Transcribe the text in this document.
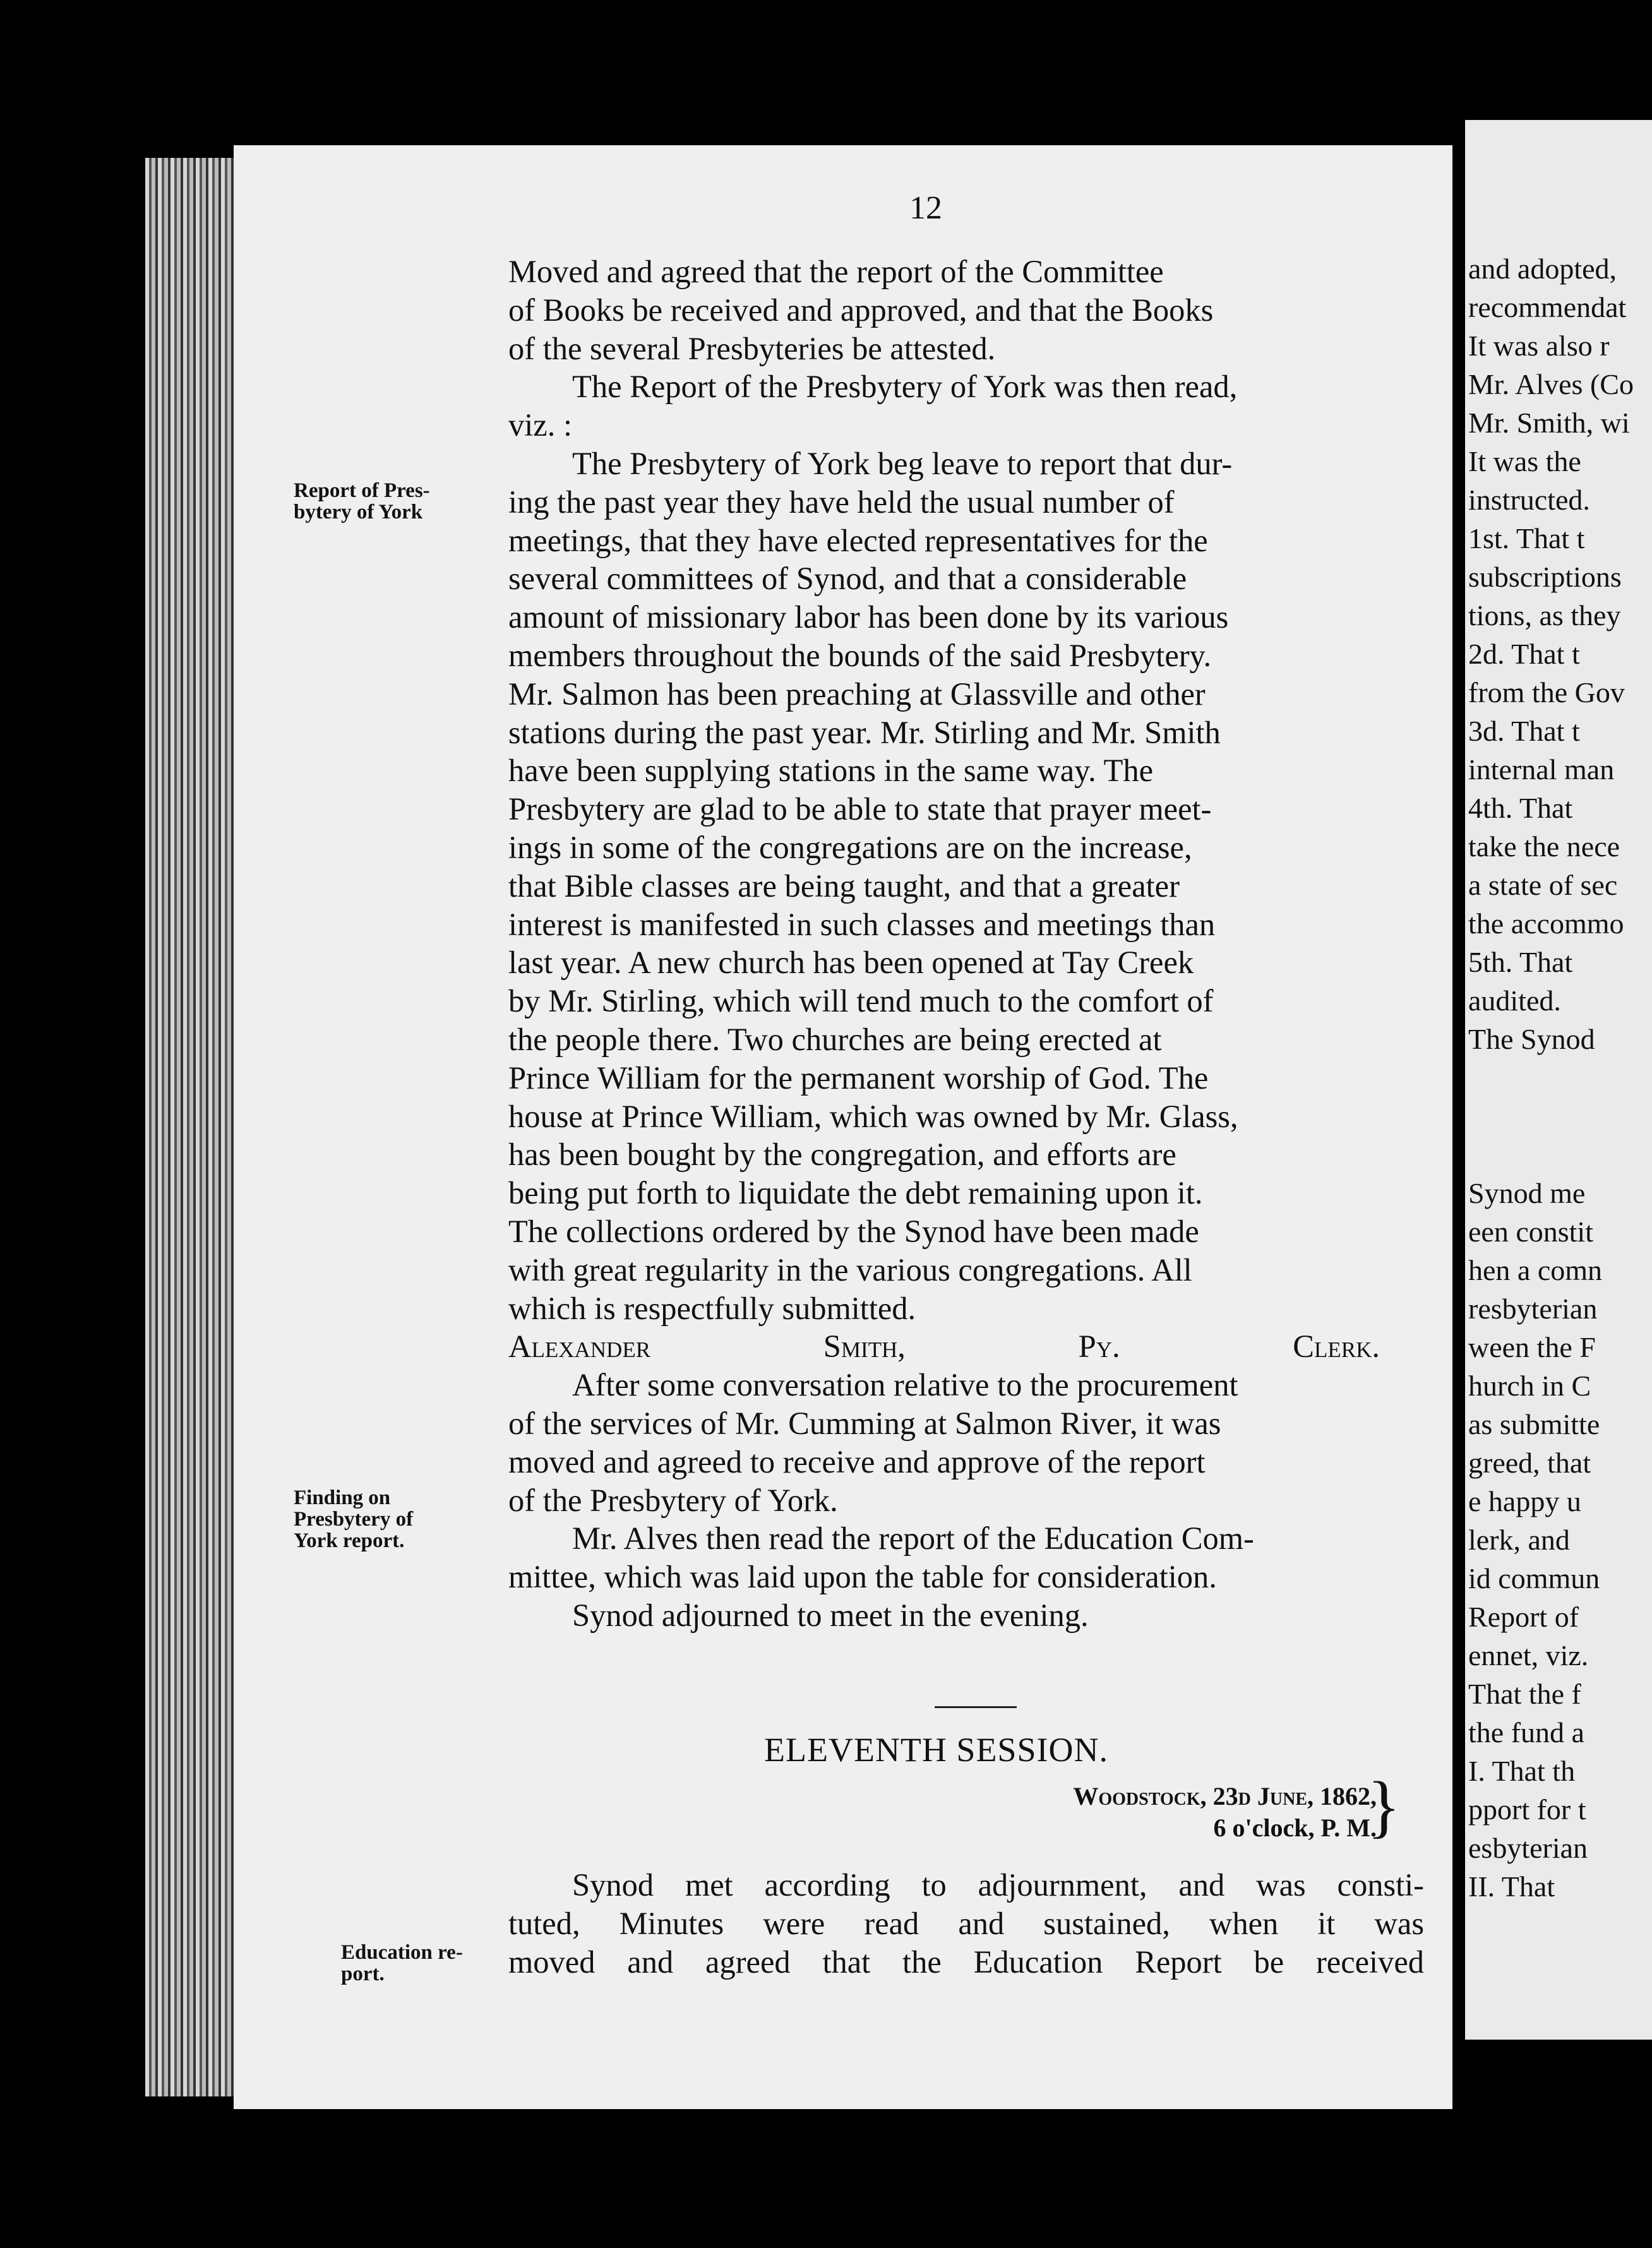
and adopted,
recommendat
It was also r
Mr. Alves (Co
Mr. Smith, wi
It was the
instructed.
1st. That t
subscriptions
tions, as they
2d. That t
from the Gov
3d. That t
internal man
4th. That
take the nece
a state of sec
the accommo
5th. That
audited.
The Synod
Synod me
een constit
hen a comn
resbyterian
ween the F
hurch in C
as submitte
greed, that
e happy u
lerk, and
id commun
Report of
ennet, viz.
That the f
the fund a
I. That th
pport for t
esbyterian
II. That
12

Moved and agreed that the report of the Committee
of Books be received and approved, and that the Books
of the several Presbyteries be attested.

The Report of the Presbytery of York was then read,
viz. :

The Presbytery of York beg leave to report that dur-
ing the past year they have held the usual number of
meetings, that they have elected representatives for the
several committees of Synod, and that a considerable
amount of missionary labor has been done by its various
members throughout the bounds of the said Presbytery.
Mr. Salmon has been preaching at Glassville and other
stations during the past year. Mr. Stirling and Mr. Smith
have been supplying stations in the same way. The
Presbytery are glad to be able to state that prayer meet-
ings in some of the congregations are on the increase,
that Bible classes are being taught, and that a greater
interest is manifested in such classes and meetings than
last year. A new church has been opened at Tay Creek
by Mr. Stirling, which will tend much to the comfort of
the people there. Two churches are being erected at
Prince William for the permanent worship of God. The
house at Prince William, which was owned by Mr. Glass,
has been bought by the congregation, and efforts are
being put forth to liquidate the debt remaining upon it.
The collections ordered by the Synod have been made
with great regularity in the various congregations. All
which is respectfully submitted.

Alexander Smith, Py. Clerk.

After some conversation relative to the procurement
of the services of Mr. Cumming at Salmon River, it was
moved and agreed to receive and approve of the report
of the Presbytery of York.

Mr. Alves then read the report of the Education Com-
mittee, which was laid upon the table for consideration.

Synod adjourned to meet in the evening.

Report of Pres-
bytery of York
Finding on
Presbytery of
York report.
Education re-
port.
ELEVENTH SESSION.
Woodstock, 23d June, 1862,
6 o'clock, P. M.
}

Synod met according to adjournment, and was consti-
tuted, Minutes were read and sustained, when it was
moved and agreed that the Education Report be received
